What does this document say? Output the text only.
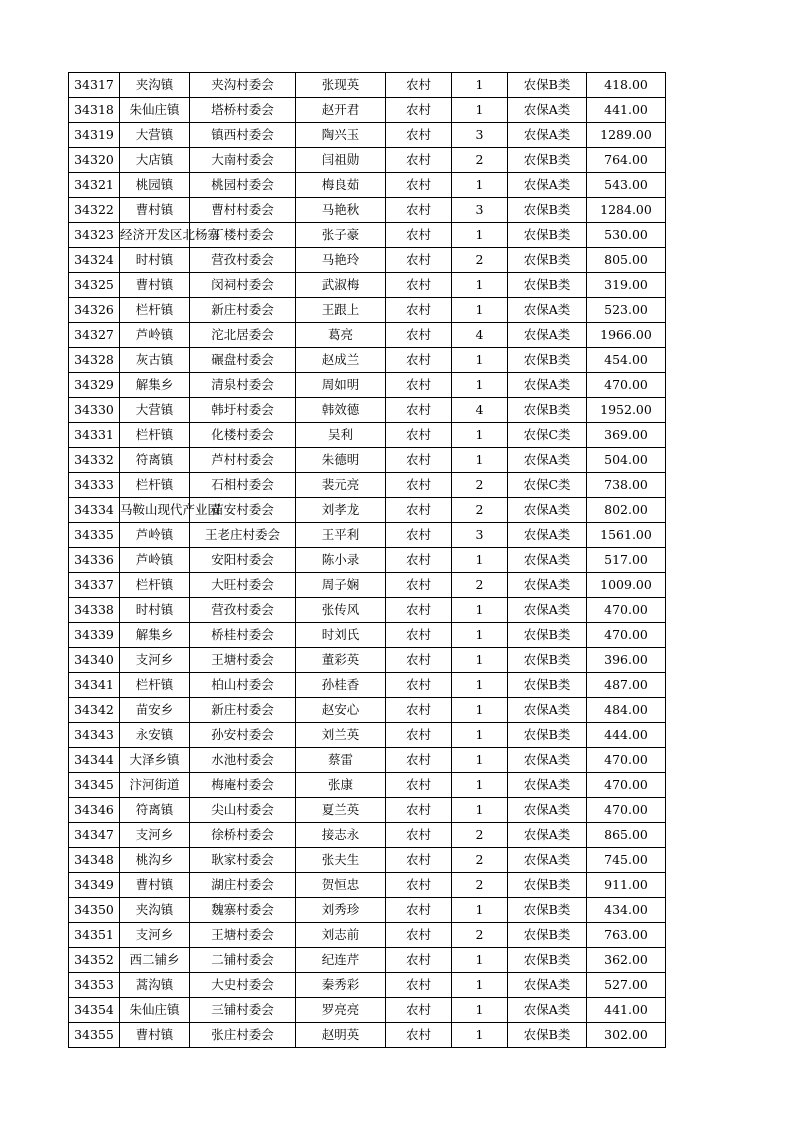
34317	夹沟镇	夹沟村委会	张现英	农村	1	农保B类	418.00
34318	朱仙庄镇	塔桥村委会	赵开君	农村	1	农保A类	441.00
34319	大营镇	镇西村委会	陶兴玉	农村	3	农保A类	1289.00
34320	大店镇	大南村委会	闫祖勋	农村	2	农保B类	764.00
34321	桃园镇	桃园村委会	梅良茹	农村	1	农保A类	543.00
34322	曹村镇	曹村村委会	马艳秋	农村	3	农保B类	1284.00
34323	经济开发区北杨寨	丁楼村委会	张子豪	农村	1	农保B类	530.00
34324	时村镇	营孜村委会	马艳玲	农村	2	农保B类	805.00
34325	曹村镇	闵祠村委会	武淑梅	农村	1	农保B类	319.00
34326	栏杆镇	新庄村委会	王跟上	农村	1	农保A类	523.00
34327	芦岭镇	沱北居委会	葛亮	农村	4	农保A类	1966.00
34328	灰古镇	碾盘村委会	赵成兰	农村	1	农保B类	454.00
34329	解集乡	清泉村委会	周如明	农村	1	农保A类	470.00
34330	大营镇	韩圩村委会	韩效德	农村	4	农保B类	1952.00
34331	栏杆镇	化楼村委会	吴利	农村	1	农保C类	369.00
34332	符离镇	芦村村委会	朱德明	农村	1	农保A类	504.00
34333	栏杆镇	石相村委会	裴元亮	农村	2	农保C类	738.00
34334	马鞍山现代产业园	苗安村委会	刘孝龙	农村	2	农保A类	802.00
34335	芦岭镇	王老庄村委会	王平利	农村	3	农保A类	1561.00
34336	芦岭镇	安阳村委会	陈小录	农村	1	农保A类	517.00
34337	栏杆镇	大旺村委会	周子娴	农村	2	农保A类	1009.00
34338	时村镇	营孜村委会	张传风	农村	1	农保A类	470.00
34339	解集乡	桥桂村委会	时刘氏	农村	1	农保B类	470.00
34340	支河乡	王塘村委会	董彩英	农村	1	农保B类	396.00
34341	栏杆镇	柏山村委会	孙桂香	农村	1	农保B类	487.00
34342	苗安乡	新庄村委会	赵安心	农村	1	农保A类	484.00
34343	永安镇	孙安村委会	刘兰英	农村	1	农保B类	444.00
34344	大泽乡镇	水池村委会	蔡雷	农村	1	农保A类	470.00
34345	汴河街道	梅庵村委会	张康	农村	1	农保A类	470.00
34346	符离镇	尖山村委会	夏兰英	农村	1	农保A类	470.00
34347	支河乡	徐桥村委会	接志永	农村	2	农保A类	865.00
34348	桃沟乡	耿家村委会	张夫生	农村	2	农保A类	745.00
34349	曹村镇	湖庄村委会	贺恒忠	农村	2	农保B类	911.00
34350	夹沟镇	魏寨村委会	刘秀珍	农村	1	农保B类	434.00
34351	支河乡	王塘村委会	刘志前	农村	2	农保B类	763.00
34352	西二铺乡	二铺村委会	纪连芹	农村	1	农保B类	362.00
34353	蒿沟镇	大史村委会	秦秀彩	农村	1	农保A类	527.00
34354	朱仙庄镇	三铺村委会	罗亮亮	农村	1	农保A类	441.00
34355	曹村镇	张庄村委会	赵明英	农村	1	农保B类	302.00
